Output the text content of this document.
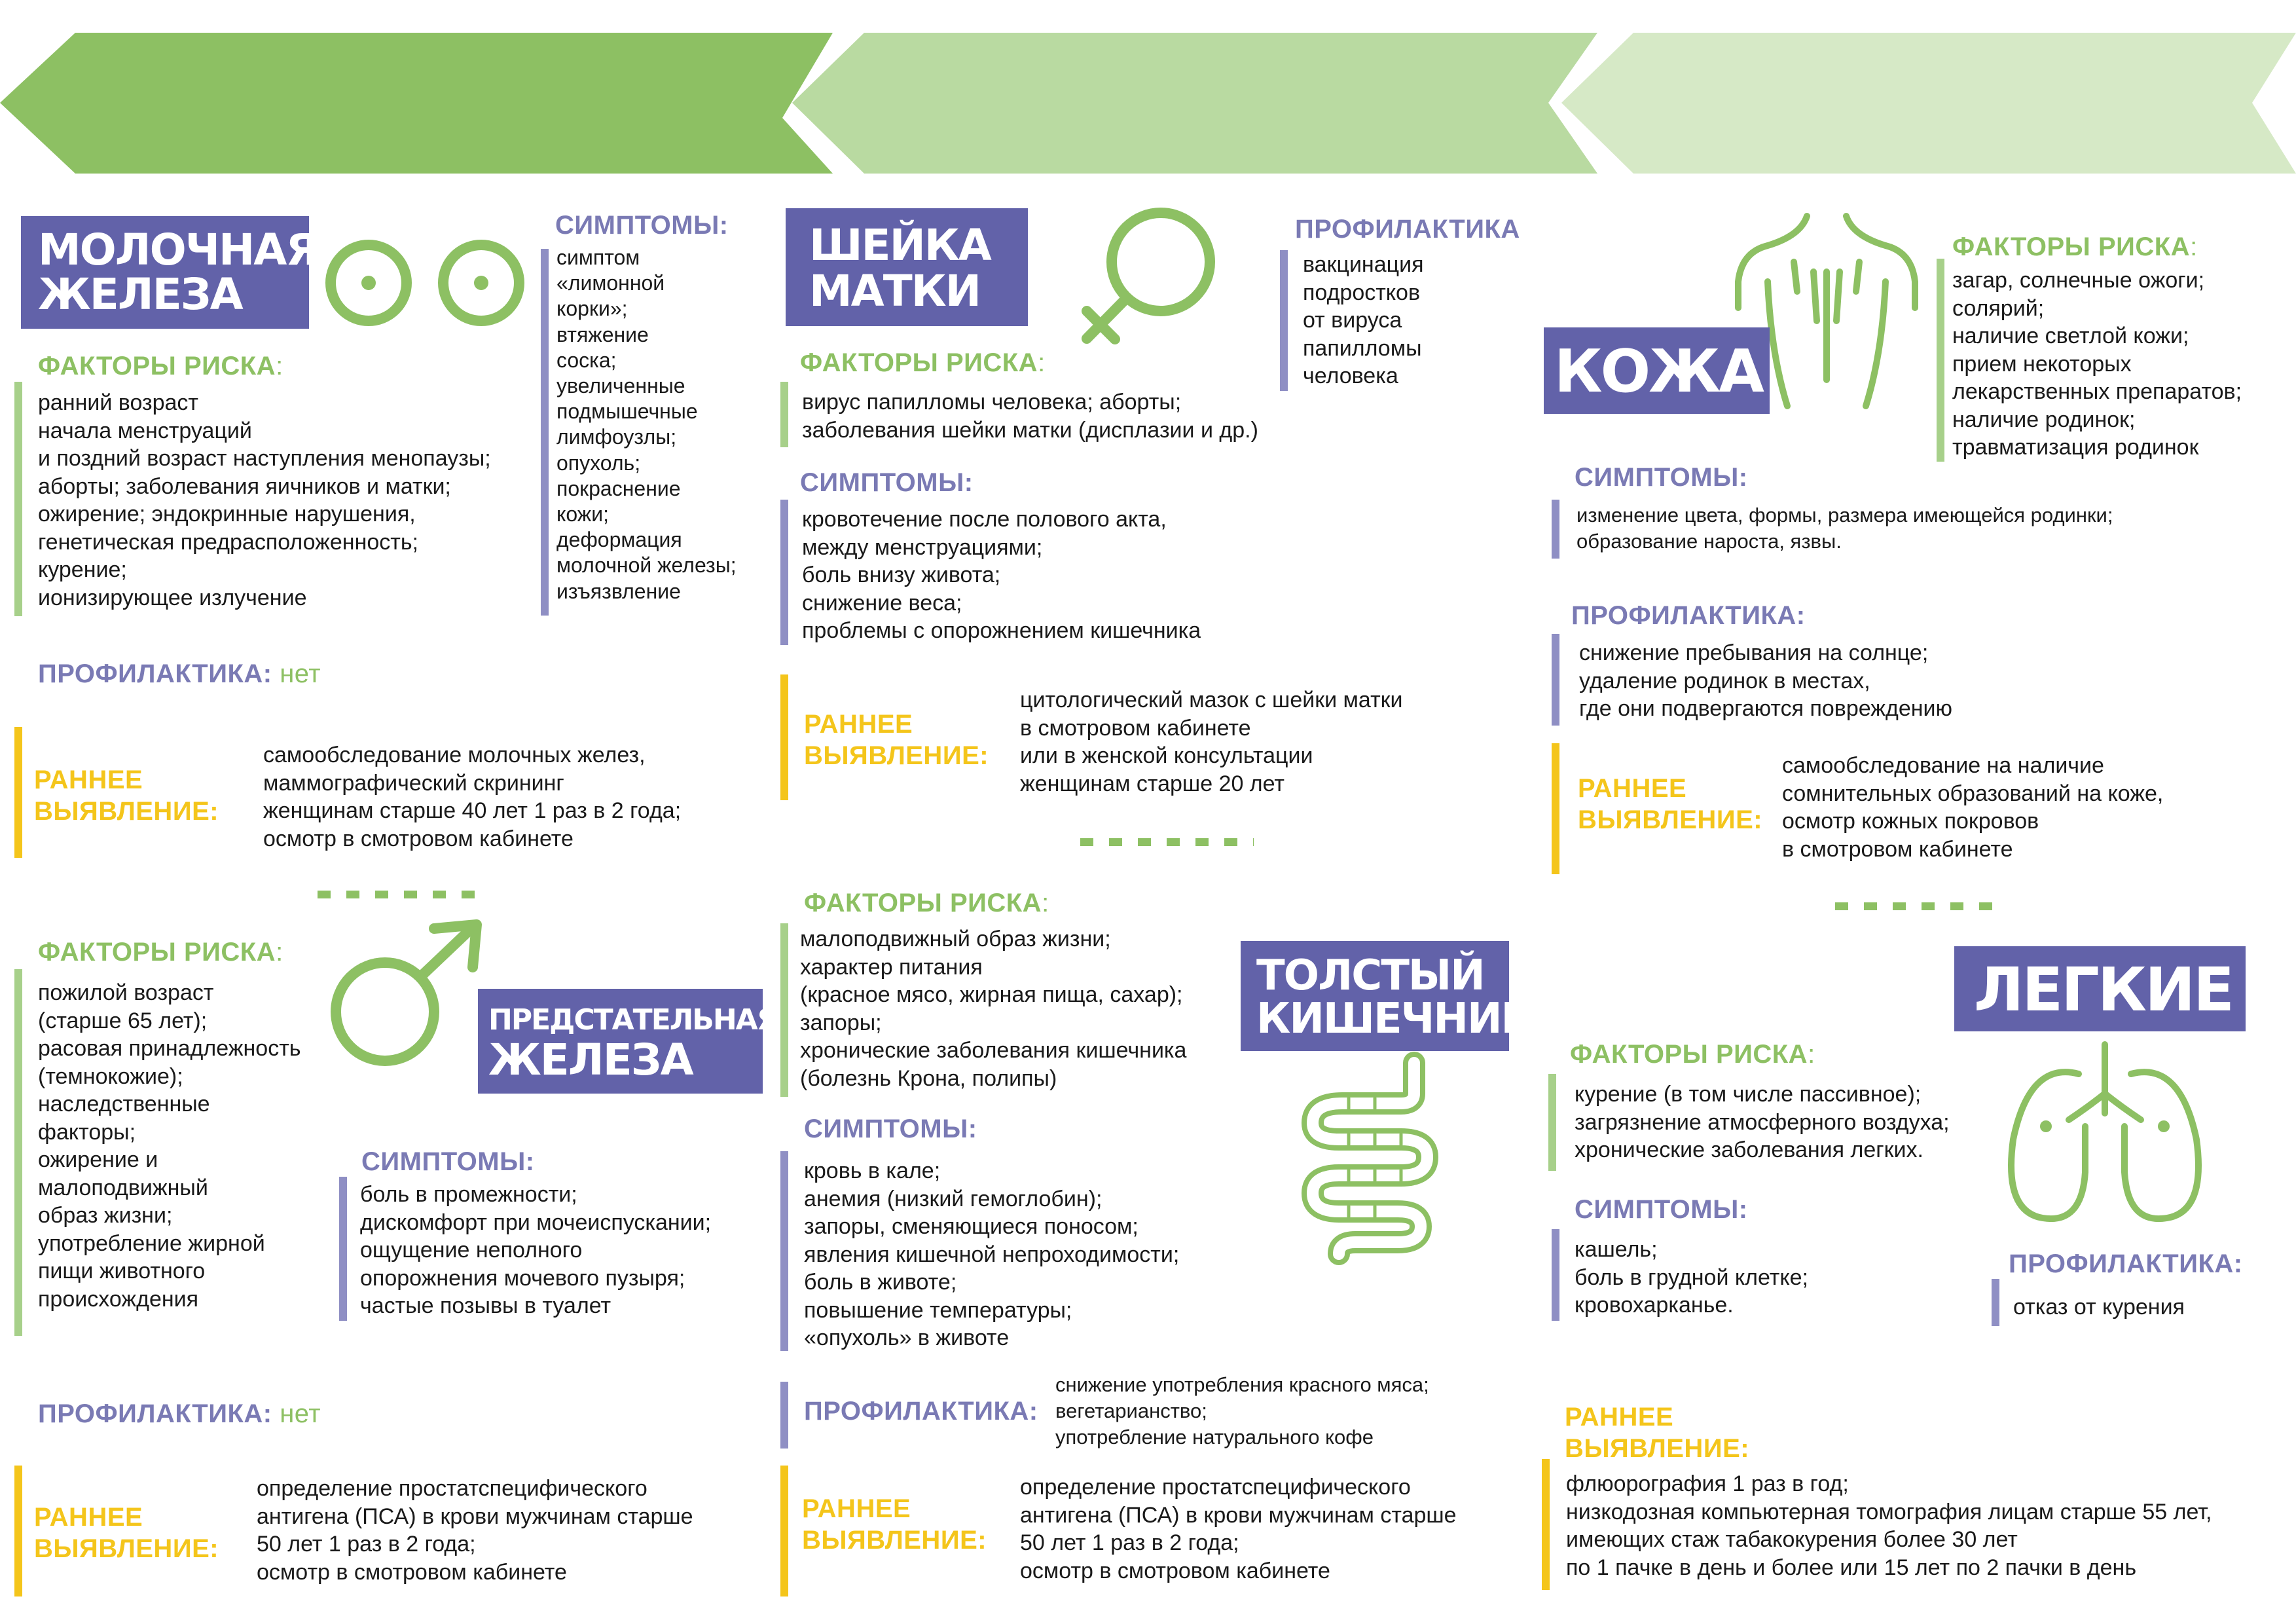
МОЛОЧНАЯ
ЖЕЛЕЗА
СИМПТОМЫ:
симптом
«лимонной
корки»;
втяжение
соска;
увеличенные
подмышечные
лимфоузлы;
опухоль;
покраснение
кожи;
деформация
молочной железы;
изъязвление
ФАКТОРЫ РИСКА:
ранний возраст
начала менструаций
и поздний возраст наступления менопаузы;
аборты; заболевания яичников и матки;
ожирение; эндокринные нарушения,
генетическая предрасположенность;
курение;
ионизирующее излучение
ПРОФИЛАКТИКА: нет
РАННЕЕ
ВЫЯВЛЕНИЕ:
самообследование молочных желез,
маммографический скрининг
женщинам старше 40 лет 1 раз в 2 года;
осмотр в смотровом кабинете
ФАКТОРЫ РИСКА:
ПРЕДСТАТЕЛЬНАЯ
ЖЕЛЕЗА
пожилой возраст
(старше 65 лет);
расовая принадлежность
(темнокожие);
наследственные
факторы;
ожирение и
малоподвижный
образ жизни;
употребление жирной
пищи животного
происхождения
СИМПТОМЫ:
боль в промежности;
дискомфорт при мочеиспускании;
ощущение неполного
опорожнения мочевого пузыря;
частые позывы в туалет
ПРОФИЛАКТИКА: нет
РАННЕЕ
ВЫЯВЛЕНИЕ:
определение простатспецифического
антигена (ПСА) в крови мужчинам старше
50 лет 1 раз в 2 года;
осмотр в смотровом кабинете
ШЕЙКА
МАТКИ
ПРОФИЛАКТИКА
вакцинация
подростков
от вируса
папилломы
человека
ФАКТОРЫ РИСКА:
вирус папилломы человека; аборты;
заболевания шейки матки (дисплазии и др.)
СИМПТОМЫ:
кровотечение после полового акта,
между менструациями;
боль внизу живота;
снижение веса;
проблемы с опорожнением кишечника
РАННЕЕ
ВЫЯВЛЕНИЕ:
цитологический мазок с шейки матки
в смотровом кабинете
или в женской консультации
женщинам старше 20 лет
ФАКТОРЫ РИСКА:
малоподвижный образ жизни;
характер питания
(красное мясо, жирная пища, сахар);
запоры;
хронические заболевания кишечника
(болезнь Крона, полипы)
ТОЛСТЫЙ
КИШЕЧНИК
СИМПТОМЫ:
кровь в кале;
анемия (низкий гемоглобин);
запоры, сменяющиеся поносом;
явления кишечной непроходимости;
боль в животе;
повышение температуры;
«опухоль» в животе
ПРОФИЛАКТИКА:
снижение употребления красного мяса;
вегетарианство;
употребление натурального кофе
РАННЕЕ
ВЫЯВЛЕНИЕ:
определение простатспецифического
антигена (ПСА) в крови мужчинам старше
50 лет 1 раз в 2 года;
осмотр в смотровом кабинете
КОЖА
ФАКТОРЫ РИСКА:
загар, солнечные ожоги;
солярий;
наличие светлой кожи;
прием некоторых
лекарственных препаратов;
наличие родинок;
травматизация родинок
СИМПТОМЫ:
изменение цвета, формы, размера имеющейся родинки;
образование нароста, язвы.
ПРОФИЛАКТИКА:
снижение пребывания на солнце;
удаление родинок в местах,
где они подвергаются повреждению
РАННЕЕ
ВЫЯВЛЕНИЕ:
самообследование на наличие
сомнительных образований на коже,
осмотр кожных покровов
в смотровом кабинете
ЛЕГКИЕ
ФАКТОРЫ РИСКА:
курение (в том числе пассивное);
загрязнение атмосферного воздуха;
хронические заболевания легких.
СИМПТОМЫ:
кашель;
боль в грудной клетке;
кровохарканье.
ПРОФИЛАКТИКА:
отказ от курения
РАННЕЕ
ВЫЯВЛЕНИЕ:
флюорография 1 раз в год;
низкодозная компьютерная томография лицам старше 55 лет,
имеющих стаж табакокурения более 30 лет
по 1 пачке в день и более или 15 лет по 2 пачки в день
